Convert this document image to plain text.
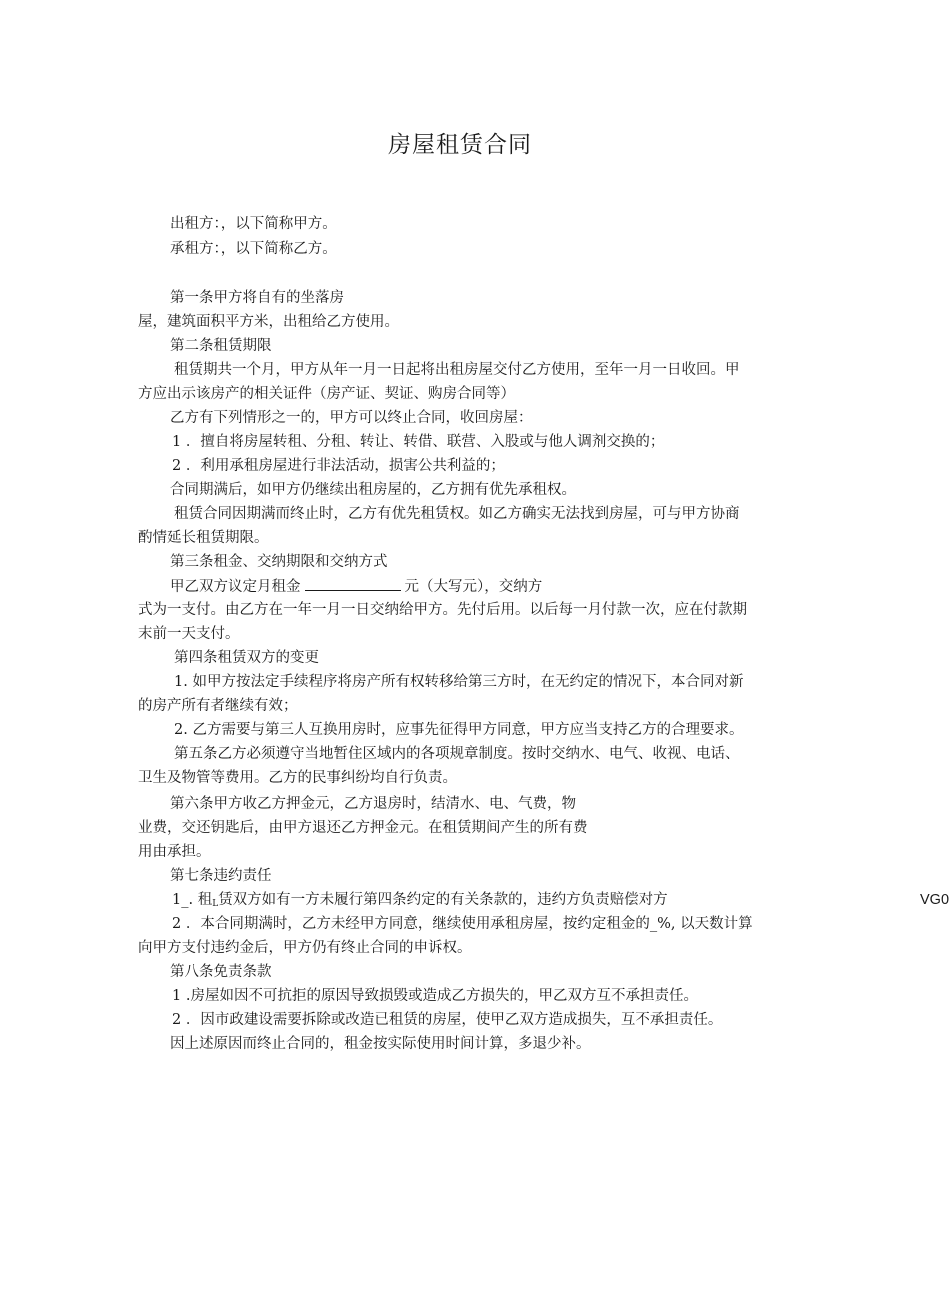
房屋租赁合同
出租方：，以下简称甲方。
承租方：，以下简称乙方。
第一条甲方将自有的坐落房
屋，建筑面积平方米，出租给乙方使用。
第二条租赁期限
租赁期共一个月，甲方从年一月一日起将出租房屋交付乙方使用，至年一月一日收回。甲
方应出示该房产的相关证件（房产证、契证、购房合同等）
乙方有下列情形之一的，甲方可以终止合同，收回房屋：
1 ．擅自将房屋转租、分租、转让、转借、联营、入股或与他人调剂交换的；
2 ．利用承租房屋进行非法活动，损害公共利益的；
合同期满后，如甲方仍继续出租房屋的，乙方拥有优先承租权。
租赁合同因期满而终止时，乙方有优先租赁权。如乙方确实无法找到房屋，可与甲方协商
酌情延长租赁期限。
第三条租金、交纳期限和交纳方式
甲乙双方议定月租金	元（大写元），交纳方
式为一支付。由乙方在一年一月一日交纳给甲方。先付后用。以后每一月付款一次，应在付款期
末前一天支付。
第四条租赁双方的变更
1. 如甲方按法定手续程序将房产所有权转移给第三方时，在无约定的情况下，本合同对新
的房产所有者继续有效；
2. 乙方需要与第三人互换用房时，应事先征得甲方同意，甲方应当支持乙方的合理要求。
第五条乙方必须遵守当地暂住区域内的各项规章制度。按时交纳水、电气、收视、电话、
卫生及物管等费用。乙方的民事纠纷均自行负责。
第六条甲方收乙方押金元，乙方退房时，结清水、电、气费，物
业费，交还钥匙后，由甲方退还乙方押金元。在租赁期间产生的所有费
用由承担。
第七条违约责任
1_. 租$_L$赁双方如有一方未履行第四条约定的有关条款的，违约方负责赔偿对方	VG0
2 ．本合同期满时，乙方未经甲方同意，继续使用承租房屋，按约定租金的_%, 以天数计算
向甲方支付违约金后，甲方仍有终止合同的申诉权。
第八条免责条款
1 .房屋如因不可抗拒的原因导致损毁或造成乙方损失的，甲乙双方互不承担责任。
2 ．因市政建设需要拆除或改造已租赁的房屋，使甲乙双方造成损失，互不承担责任。
因上述原因而终止合同的，租金按实际使用时间计算，多退少补。
